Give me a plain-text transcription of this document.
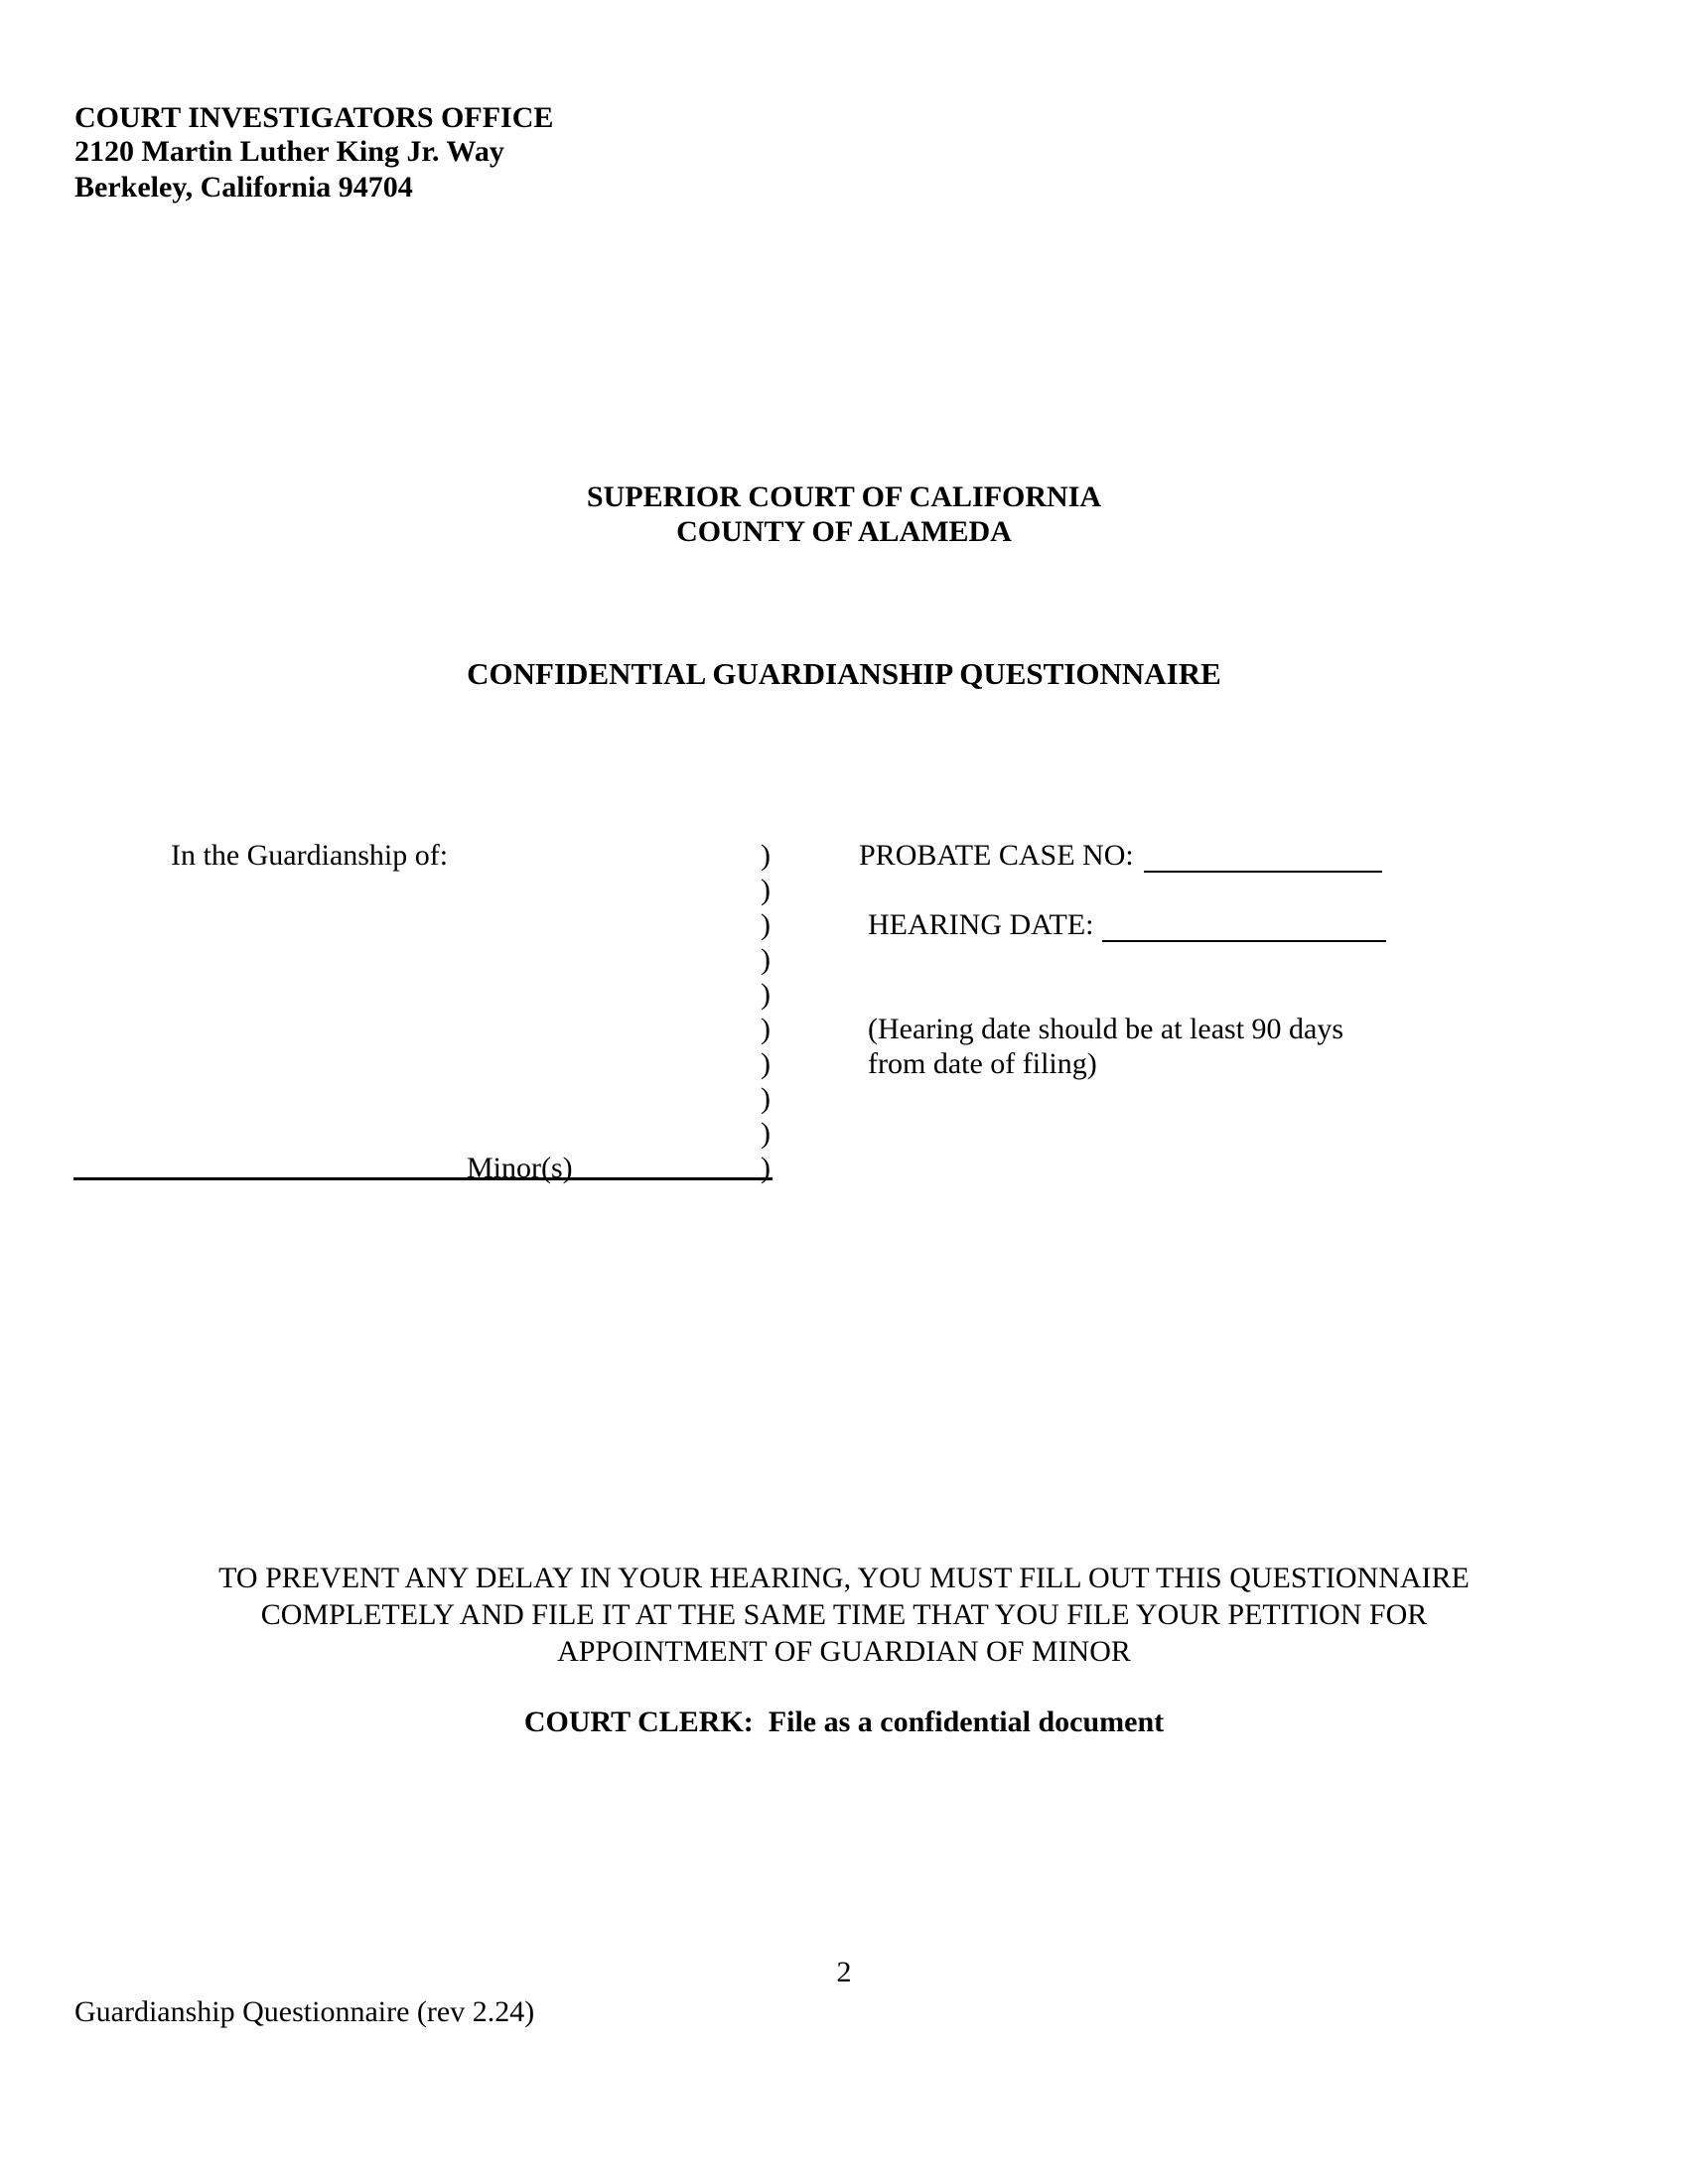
COURT INVESTIGATORS OFFICE
2120 Martin Luther King Jr. Way
Berkeley, California 94704
SUPERIOR COURT OF CALIFORNIA
COUNTY OF ALAMEDA
CONFIDENTIAL GUARDIANSHIP QUESTIONNAIRE
In the Guardianship of:	)
)
)
)
)
)
)
)
)
)
Minor(s)
PROBATE CASE NO:
HEARING DATE:
(Hearing date should be at least 90 days
from date of filing)
TO PREVENT ANY DELAY IN YOUR HEARING, YOU MUST FILL OUT THIS QUESTIONNAIRE
COMPLETELY AND FILE IT AT THE SAME TIME THAT YOU FILE YOUR PETITION FOR
APPOINTMENT OF GUARDIAN OF MINOR
COURT CLERK: File as a confidential document
2
Guardianship Questionnaire (rev 2.24)
